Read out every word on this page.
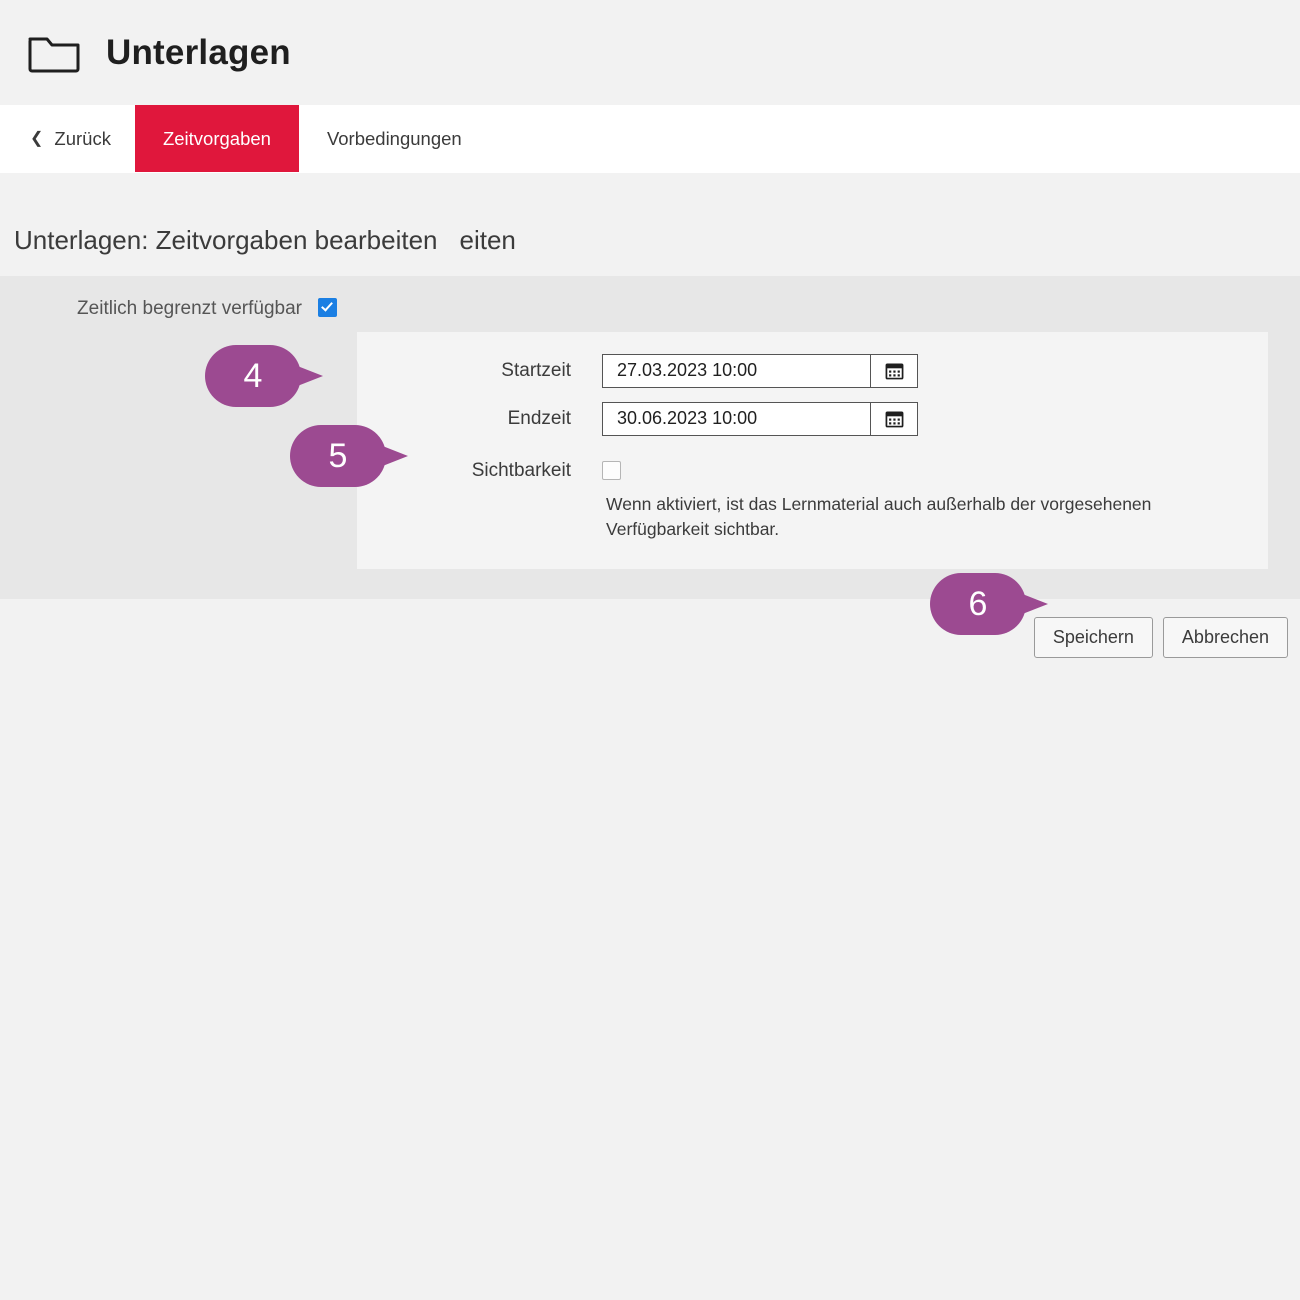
Unterlagen
❮ Zurück	Zeitvorgaben	Vorbedingungen
Unterlagen: Zeitvorgaben bearbeiten eiten
Zeitlich begrenzt verfügbar
Startzeit
27.03.2023 10:00
Endzeit
30.06.2023 10:00
Sichtbarkeit
Wenn aktiviert, ist das Lernmaterial auch außerhalb der vorgesehenen Verfügbarkeit sichtbar.
Speichern	Abbrechen
4
5
6
